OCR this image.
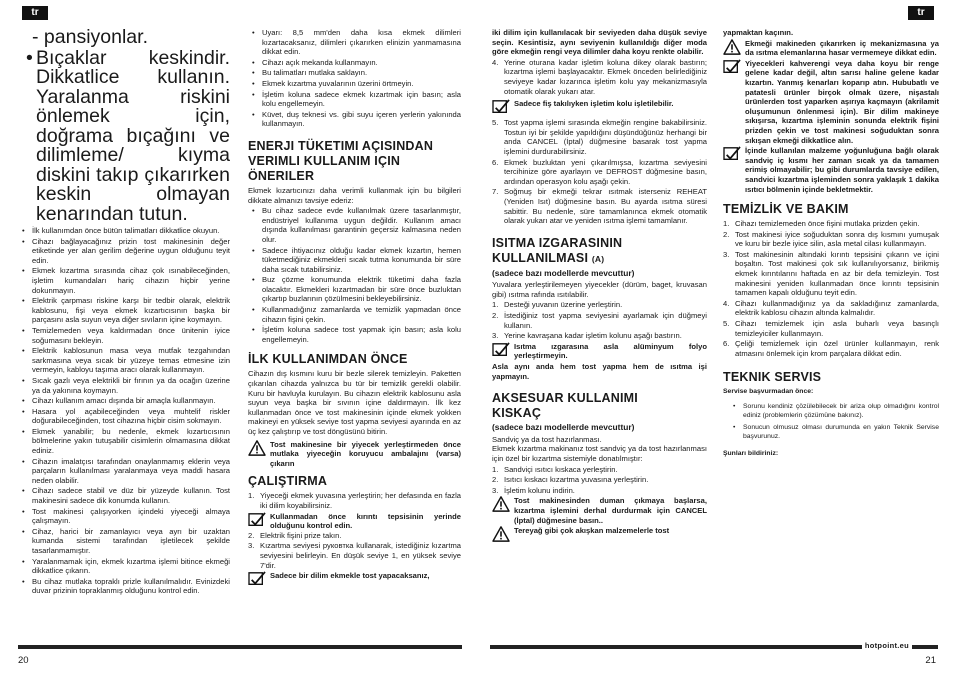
tr	tr

- pansiyonlar.

• Bıçaklar keskindir. Dikkatlice kullanın. Yaralanma riskini önlemek için, doğrama bıçağını ve dilimleme/ kıyma diskini takıp çıkarırken keskin olmayan kenarından tutun.
• İlk kullanımdan önce bütün talimatları dikkatlice okuyun.
• Cihazı bağlayacağınız prizin tost makinesinin değer etiketinde yer alan gerilim değerine uygun olduğunu teyit edin.
• Ekmek kızartma sırasında cihaz çok ısınabileceğinden, işletim kumandaları hariç cihazın hiçbir yerine dokunmayın.
• Elektrik çarpması riskine karşı bir tedbir olarak, elektrik kablosunu, fişi veya ekmek kızartıcısının başka bir parçasını asla suyun veya diğer sıvıların içine koymayın.
• Temizlemeden veya kaldırmadan önce ünitenin iyice soğumasını bekleyin.
• Elektrik kablosunun masa veya mutfak tezgahından sarkmasına veya sıcak bir yüzeye temas etmesine izin vermeyin, kabloyu taşıma aracı olarak kullanmayın.
• Sıcak gazlı veya elektrikli bir fırının ya da ocağın üzerine ya da yakınına koymayın.
• Cihazı kullanım amacı dışında bir amaçla kullanmayın.
• Hasara yol açabileceğinden veya muhtelif riskler doğurabileceğinden, tost cihazına hiçbir cisim sokmayın.
• Ekmek yanabilir; bu nedenle, ekmek kızartıcısının bölmelerine yakın tutuşabilir cisimlerin olmamasına dikkat ediniz.
• Cihazın imalatçısı tarafından onaylanmamış eklerin veya parçaların kullanılması yaralanmaya veya maddi hasara neden olabilir.
• Cihazı sadece stabil ve düz bir yüzeyde kullanın. Tost makinesini sadece dik konumda kullanın.
• Tost makinesi çalışıyorken içindeki yiyeceği almaya çalışmayın.
• Cihaz, harici bir zamanlayıcı veya ayrı bir uzaktan kumanda sistemi tarafından işletilecek şekilde tasarlanmamıştır.
• Yaralanmamak için, ekmek kızartma işlemi bitince ekmeği dikkatlice çıkarın.
• Bu cihaz mutlaka topraklı prizle kullanılmalıdır. Evinizdeki duvar prizinin topraklanmış olduğunu kontrol edin.
• Uyarı: 8,5 mm'den daha kısa ekmek dilimleri kızartacaksanız, dilimleri çıkarırken elinizin yanmamasına dikkat edin.
• Cihazı açık mekanda kullanmayın.
• Bu talimatları mutlaka saklayın.
• Ekmek kızartma yuvalarının üzerini örtmeyin.
• İşletim koluna sadece ekmek kızartmak için basın; asla kolu engellemeyin.
• Küvet, duş teknesi vs. gibi suyu içeren yerlerin yakınında kullanmayın.
ENERJI TÜKETIMI AÇISINDAN VERIMLI KULLANIM IÇIN ÖNERILER

Ekmek kızartıcınızı daha verimli kullanmak için bu bilgileri dikkate almanızı tavsiye ederiz:

• Bu cihaz sadece evde kullanılmak üzere tasarlanmıştır, endüstriyel kullanıma uygun değildir. Kullanım amacı dışında kullanılması garantinin geçersiz kalmasına neden olur.
• Sadece ihtiyacınız olduğu kadar ekmek kızartın, hemen tüketmediğiniz ekmekleri sıcak tutma konumunda bir süre daha sıcak tutabilirsiniz.
• Buz çözme konumunda elektrik tüketimi daha fazla olacaktır. Ekmekleri kızartmadan bir süre önce buzluktan çıkartıp buzlarının çözülmesini bekleyebilirsiniz.
• Kullanmadığınız zamanlarda ve temizlik yapmadan önce cihazın fişini çekin.
• İşletim koluna sadece tost yapmak için basın; asla kolu engellemeyin.
İLK KULLANIMDAN ÖNCE

Cihazın dış kısmını kuru bir bezle silerek temizleyin. Paketten çıkarılan cihazda yalnızca bu tür bir temizlik gerekli olabilir. Kuru bir havluyla kurulayın. Bu cihazın elektrik kablosunu asla suyun veya başka bir sıvının içine daldırmayın. İlk kez kullanmadan önce ve tost makinesinin içinde ekmek yokken makineyi en yüksek seviye tost yapma seviyesi ayarında en az üç kez çalıştırıp ve tost döngüsünü bitirin.

Tost makinesine bir yiyecek yerleştirmeden önce mutlaka yiyeceğin koruyucu ambalajını (varsa) çıkarın
ÇALIŞTIRMA
1. Yiyeceği ekmek yuvasına yerleştirin; her defasında en fazla iki dilim koyabilirsiniz.
Kullanmadan önce kırıntı tepsisinin yerinde olduğunu kontrol edin.
2. Elektrik fişini prize takın.
3. Kızartma seviyesi руковтка kullanarak, istediğiniz kızartma seviyesini belirleyin. En düşük seviye 1, en yüksek seviye 7'dir.
Sadece bir dilim ekmekle tost yapacaksanız,

iki dilim için kullanılacak bir seviyeden daha düşük seviye seçin. Kesintisiz, aynı seviyenin kullanıldığı diğer moda göre ekmeğin rengi veya dilimler daha koyu renkte olabilir.

4. Yerine oturana kadar işletim koluna dikey olarak bastırın; kızartma işlemi başlayacaktır. Ekmek önceden belirlediğiniz seviyeye kadar kızarınca işletim kolu yay mekanizmasıyla otomatik olarak yukarı atar.
Sadece fiş takılıyken işletim kolu işletilebilir.
5. Tost yapma işlemi sırasında ekmeğin rengine bakabilirsiniz. Tostun iyi bir şekilde yapıldığını düşündüğünüz herhangi bir anda CANCEL (İptal) düğmesine basarak tost yapma işlemini durdurabilirsiniz.
6. Ekmek buzluktan yeni çıkarılmışsa, kızartma seviyesini tercihinize göre ayarlayın ve DEFROST düğmesine basın, ardından operasyon kolu aşağı çekin.
7. Soğmuş bir ekmeği tekrar ısıtmak isterseniz REHEAT (Yeniden Isıt) düğmesine basın. Bu ayarda ısıtma süresi sabittir. Bu nedenle, süre tamamlanınca ekmek otomatik olarak yukarı atar ve yeniden ısıtma işlemi tamamlanır.
ISITMA IZGARASININ KULLANILMASI (A)
(sadece bazı modellerde mevcuttur)

Yuvalara yerleştirilemeyen yiyecekler (dürüm, baget, kruvasan gibi) ısıtma rafında ısıtılabilir.

1. Desteği yuvanın üzerine yerleştirin.
2. İstediğiniz tost yapma seviyesini ayarlamak için düğmeyi kullanın.
3. Yerine kavraşana kadar işletim kolunu aşağı bastırın.
Isıtma ızgarasına asla alüminyum folyo yerleştirmeyin.

Asla aynı anda hem tost yapma hem de ısıtma işi yapmayın.

AKSESUAR KULLANIMI KISKAÇ
(sadece bazı modellerde mevcuttur)

Sandviç ya da tost hazırlanması.
Ekmek kızartma makinanız tost sandviç ya da tost hazırlanması için özel bir kızartma sistemiyle donatılmıştır:

1. Sandviçi ısıtıcı kıskaca yerleştirin.
2. Isıtıcı kıskacı kızartma yuvasına yerleştirin.
3. İşletim kolunu indirin.
Tost makinesinden duman çıkmaya başlarsa, kızartma işlemini derhal durdurmak için CANCEL (İptal) düğmesine basın..
Tereyağ gibi çok akışkan malzemelerle tost

yapmaktan kaçının.

Ekmeği makineden çıkarırken iç mekanizmasına ya da ısıtma elemanlarına hasar vermemeye dikkat edin.
Yiyecekleri kahverengi veya daha koyu bir renge gelene kadar değil, altın sarısı haline gelene kadar kızartın. Yanmış kenarları koparıp atın. Hububatlı ve patatesli ürünler birçok olmak üzere, nişastalı ürünlerden tost yaparken aşırıya kaçmayın (akrilamit oluşumunun önlenmesi için). Bir dilim makineye sıkışırsa, kızartma işleminin sonunda elektrik fişini prizden çekin ve tost makinesi soğuduktan sonra sıkışan ekmeği dikkatlice alın.
İçinde kullanılan malzeme yoğunluğuna bağlı olarak sandviç iç kısmı her zaman sıcak ya da tamamen erimiş olmayabilir; bu gibi durumlarda tavsiye edilen, sandvici kızartma işleminden sonra yaklaşık 1 dakika ısıtıcı bölmenin içinde bekletmektir.
TEMİZLİK VE BAKIM
1. Cihazı temizlemeden önce fişini mutlaka prizden çekin.
2. Tost makinesi iyice soğuduktan sonra dış kısmını yumuşak ve kuru bir bezle iyice silin, asla metal cilası kullanmayın.
3. Tost makinesinin altındaki kırıntı tepsisini çıkarın ve içini boşaltın. Tost makinesi çok sık kullanılıyorsanız, birikmiş ekmek kırıntılarını haftada en az bir defa temizleyin. Tost makinesini yeniden kullanmadan önce kırıntı tepsisinin tamamen kapalı olduğunu teyit edin.
4. Cihazı kullanmadığınız ya da sakladığınız zamanlarda, elektrik kablosu cihazın altında kalmalıdır.
5. Cihazı temizlemek için asla buharlı veya basınçlı temizleyiciler kullanmayın.
6. Çeliği temizlemek için özel ürünler kullanmayın, renk atmasını önlemek için krom parçalara dikkat edin.
TEKNIK SERVIS

Servise başvurmadan önce:

• Sorunu kendiniz çözülebilecek bir ariza olup olmadığını kontrol ediniz (problemlerin çözümüne bakınız).
• Sonucun olmusuz olması durumunda en yakın Teknik Servise başvurunuz.

Şunları bildiriniz:

hotpoint.eu
20	21
